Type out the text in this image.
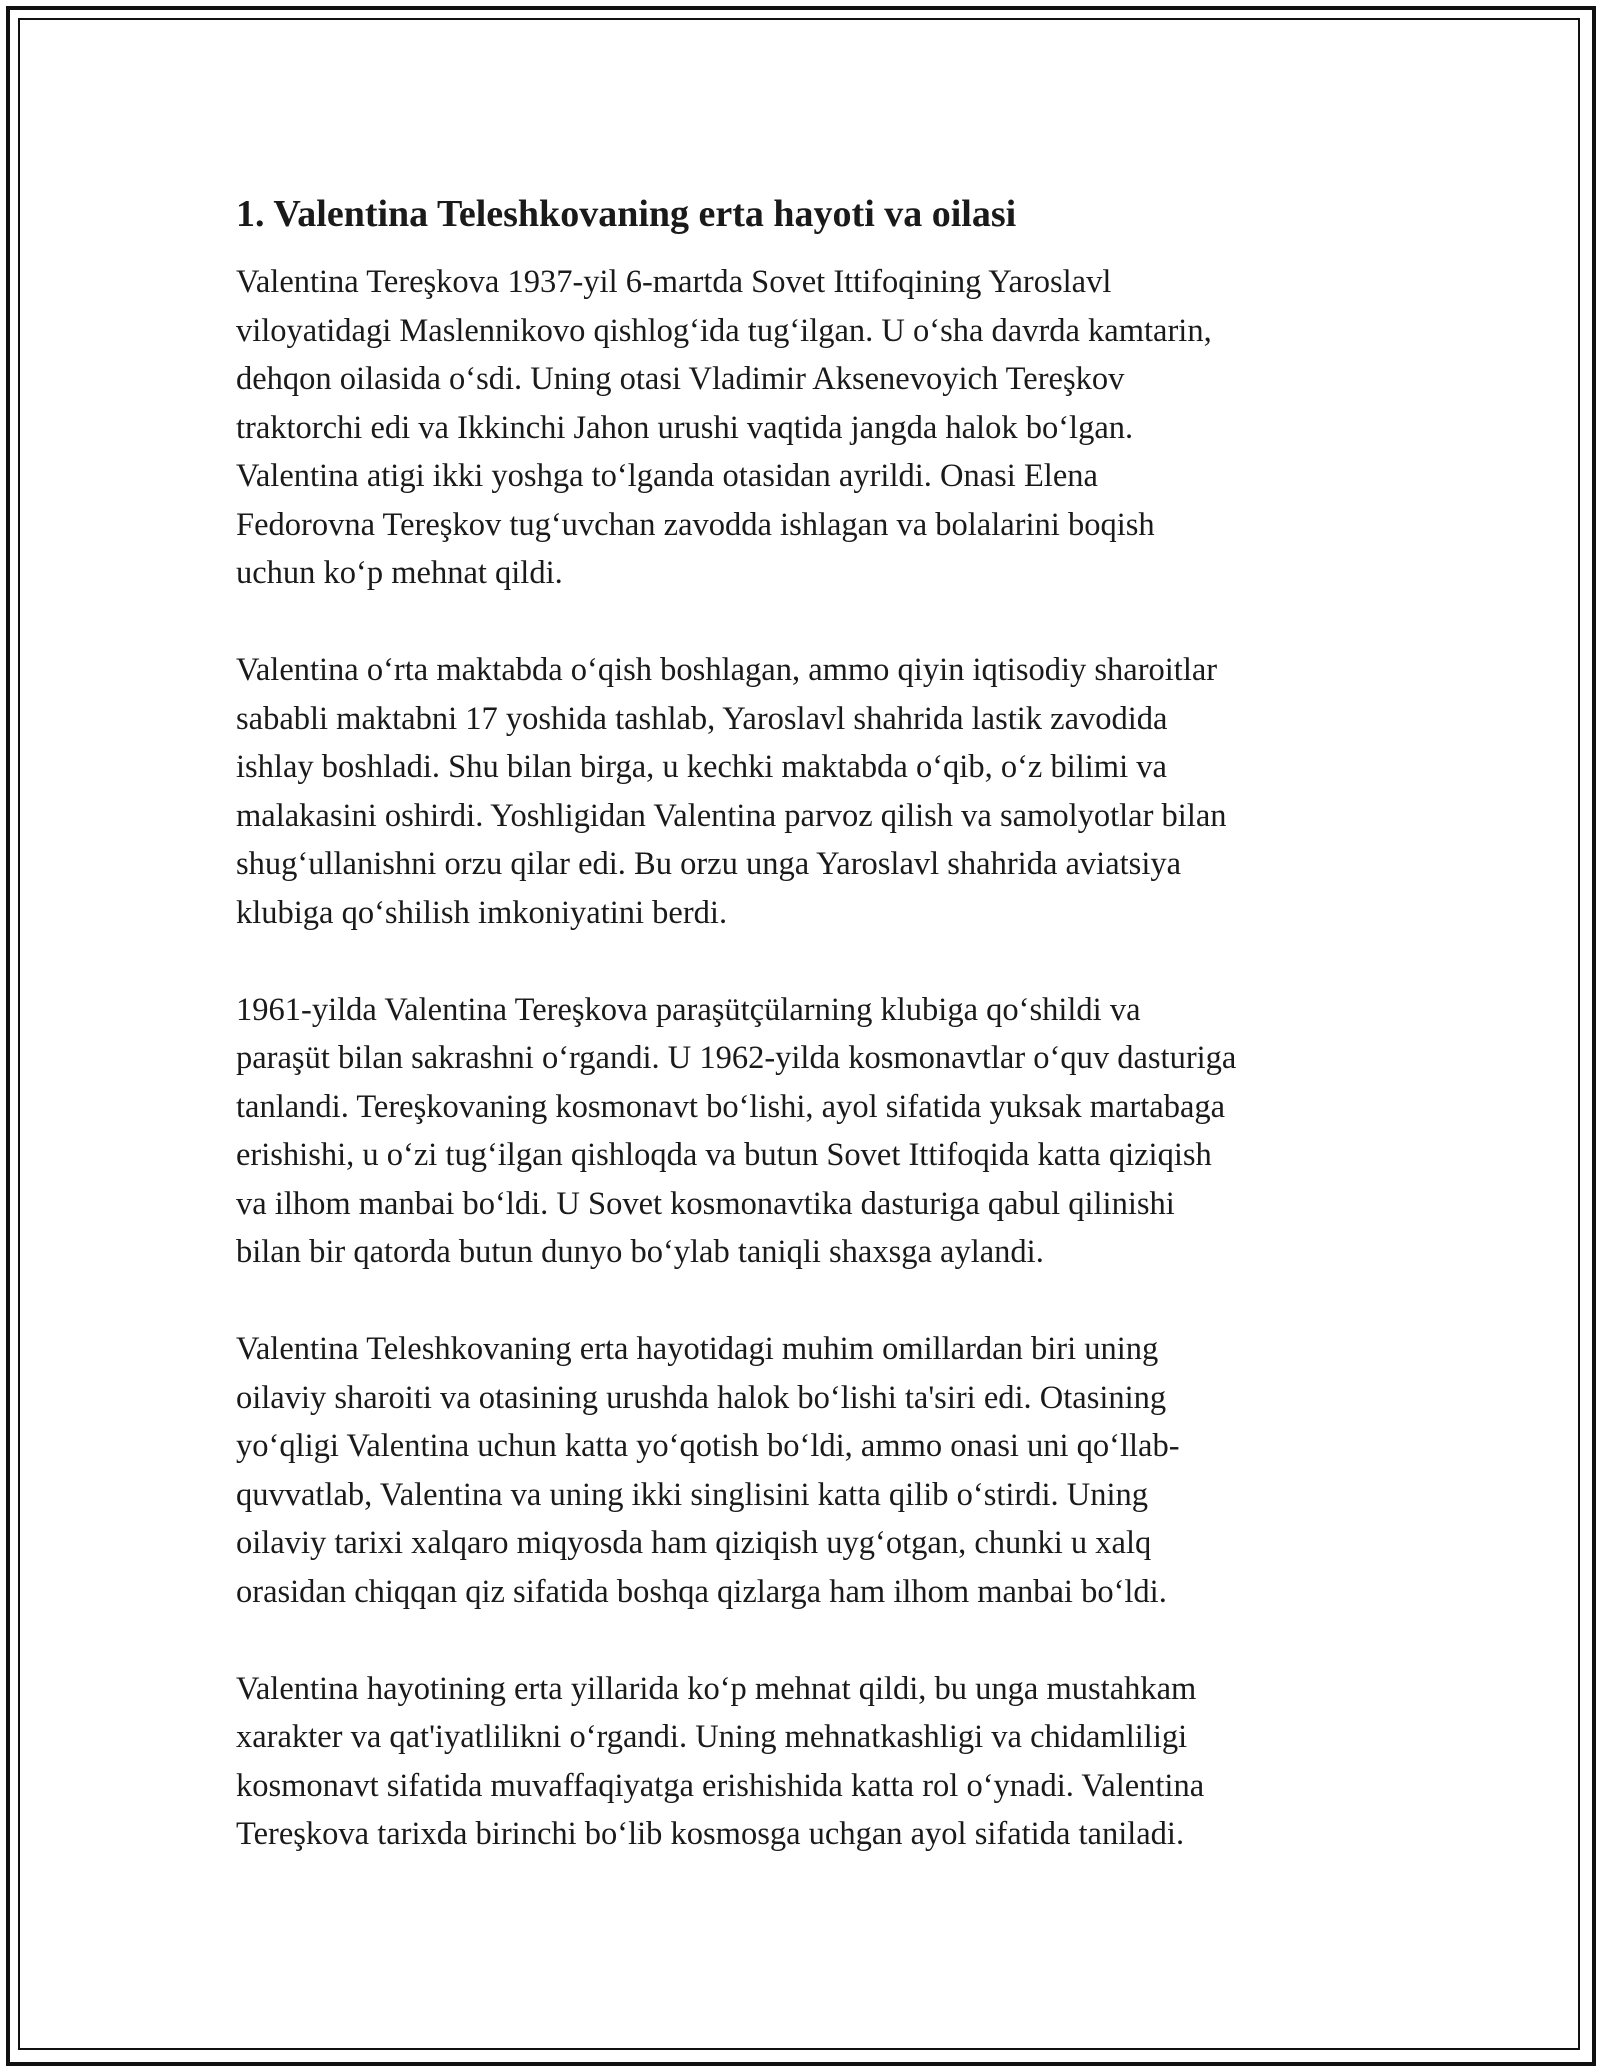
1. Valentina Teleshkovaning erta hayoti va oilasi

Valentina Tereşkova 1937-yil 6-martda Sovet Ittifoqining Yaroslavl
viloyatidagi Maslennikovo qishlog‘ida tug‘ilgan. U o‘sha davrda kamtarin,
dehqon oilasida o‘sdi. Uning otasi Vladimir Aksenevoyich Tereşkov
traktorchi edi va Ikkinchi Jahon urushi vaqtida jangda halok bo‘lgan.
Valentina atigi ikki yoshga to‘lganda otasidan ayrildi. Onasi Elena
Fedorovna Tereşkov tug‘uvchan zavodda ishlagan va bolalarini boqish
uchun ko‘p mehnat qildi.

Valentina o‘rta maktabda o‘qish boshlagan, ammo qiyin iqtisodiy sharoitlar
sababli maktabni 17 yoshida tashlab, Yaroslavl shahrida lastik zavodida
ishlay boshladi. Shu bilan birga, u kechki maktabda o‘qib, o‘z bilimi va
malakasini oshirdi. Yoshligidan Valentina parvoz qilish va samolyotlar bilan
shug‘ullanishni orzu qilar edi. Bu orzu unga Yaroslavl shahrida aviatsiya
klubiga qo‘shilish imkoniyatini berdi.

1961-yilda Valentina Tereşkova paraşütçülarning klubiga qo‘shildi va
paraşüt bilan sakrashni o‘rgandi. U 1962-yilda kosmonavtlar o‘quv dasturiga
tanlandi. Tereşkovaning kosmonavt bo‘lishi, ayol sifatida yuksak martabaga
erishishi, u o‘zi tug‘ilgan qishloqda va butun Sovet Ittifoqida katta qiziqish
va ilhom manbai bo‘ldi. U Sovet kosmonavtika dasturiga qabul qilinishi
bilan bir qatorda butun dunyo bo‘ylab taniqli shaxsga aylandi.

Valentina Teleshkovaning erta hayotidagi muhim omillardan biri uning
oilaviy sharoiti va otasining urushda halok bo‘lishi ta'siri edi. Otasining
yo‘qligi Valentina uchun katta yo‘qotish bo‘ldi, ammo onasi uni qo‘llab-
quvvatlab, Valentina va uning ikki singlisini katta qilib o‘stirdi. Uning
oilaviy tarixi xalqaro miqyosda ham qiziqish uyg‘otgan, chunki u xalq
orasidan chiqqan qiz sifatida boshqa qizlarga ham ilhom manbai bo‘ldi.

Valentina hayotining erta yillarida ko‘p mehnat qildi, bu unga mustahkam
xarakter va qat'iyatlilikni o‘rgandi. Uning mehnatkashligi va chidamliligi
kosmonavt sifatida muvaffaqiyatga erishishida katta rol o‘ynadi. Valentina
Tereşkova tarixda birinchi bo‘lib kosmosga uchgan ayol sifatida taniladi.
